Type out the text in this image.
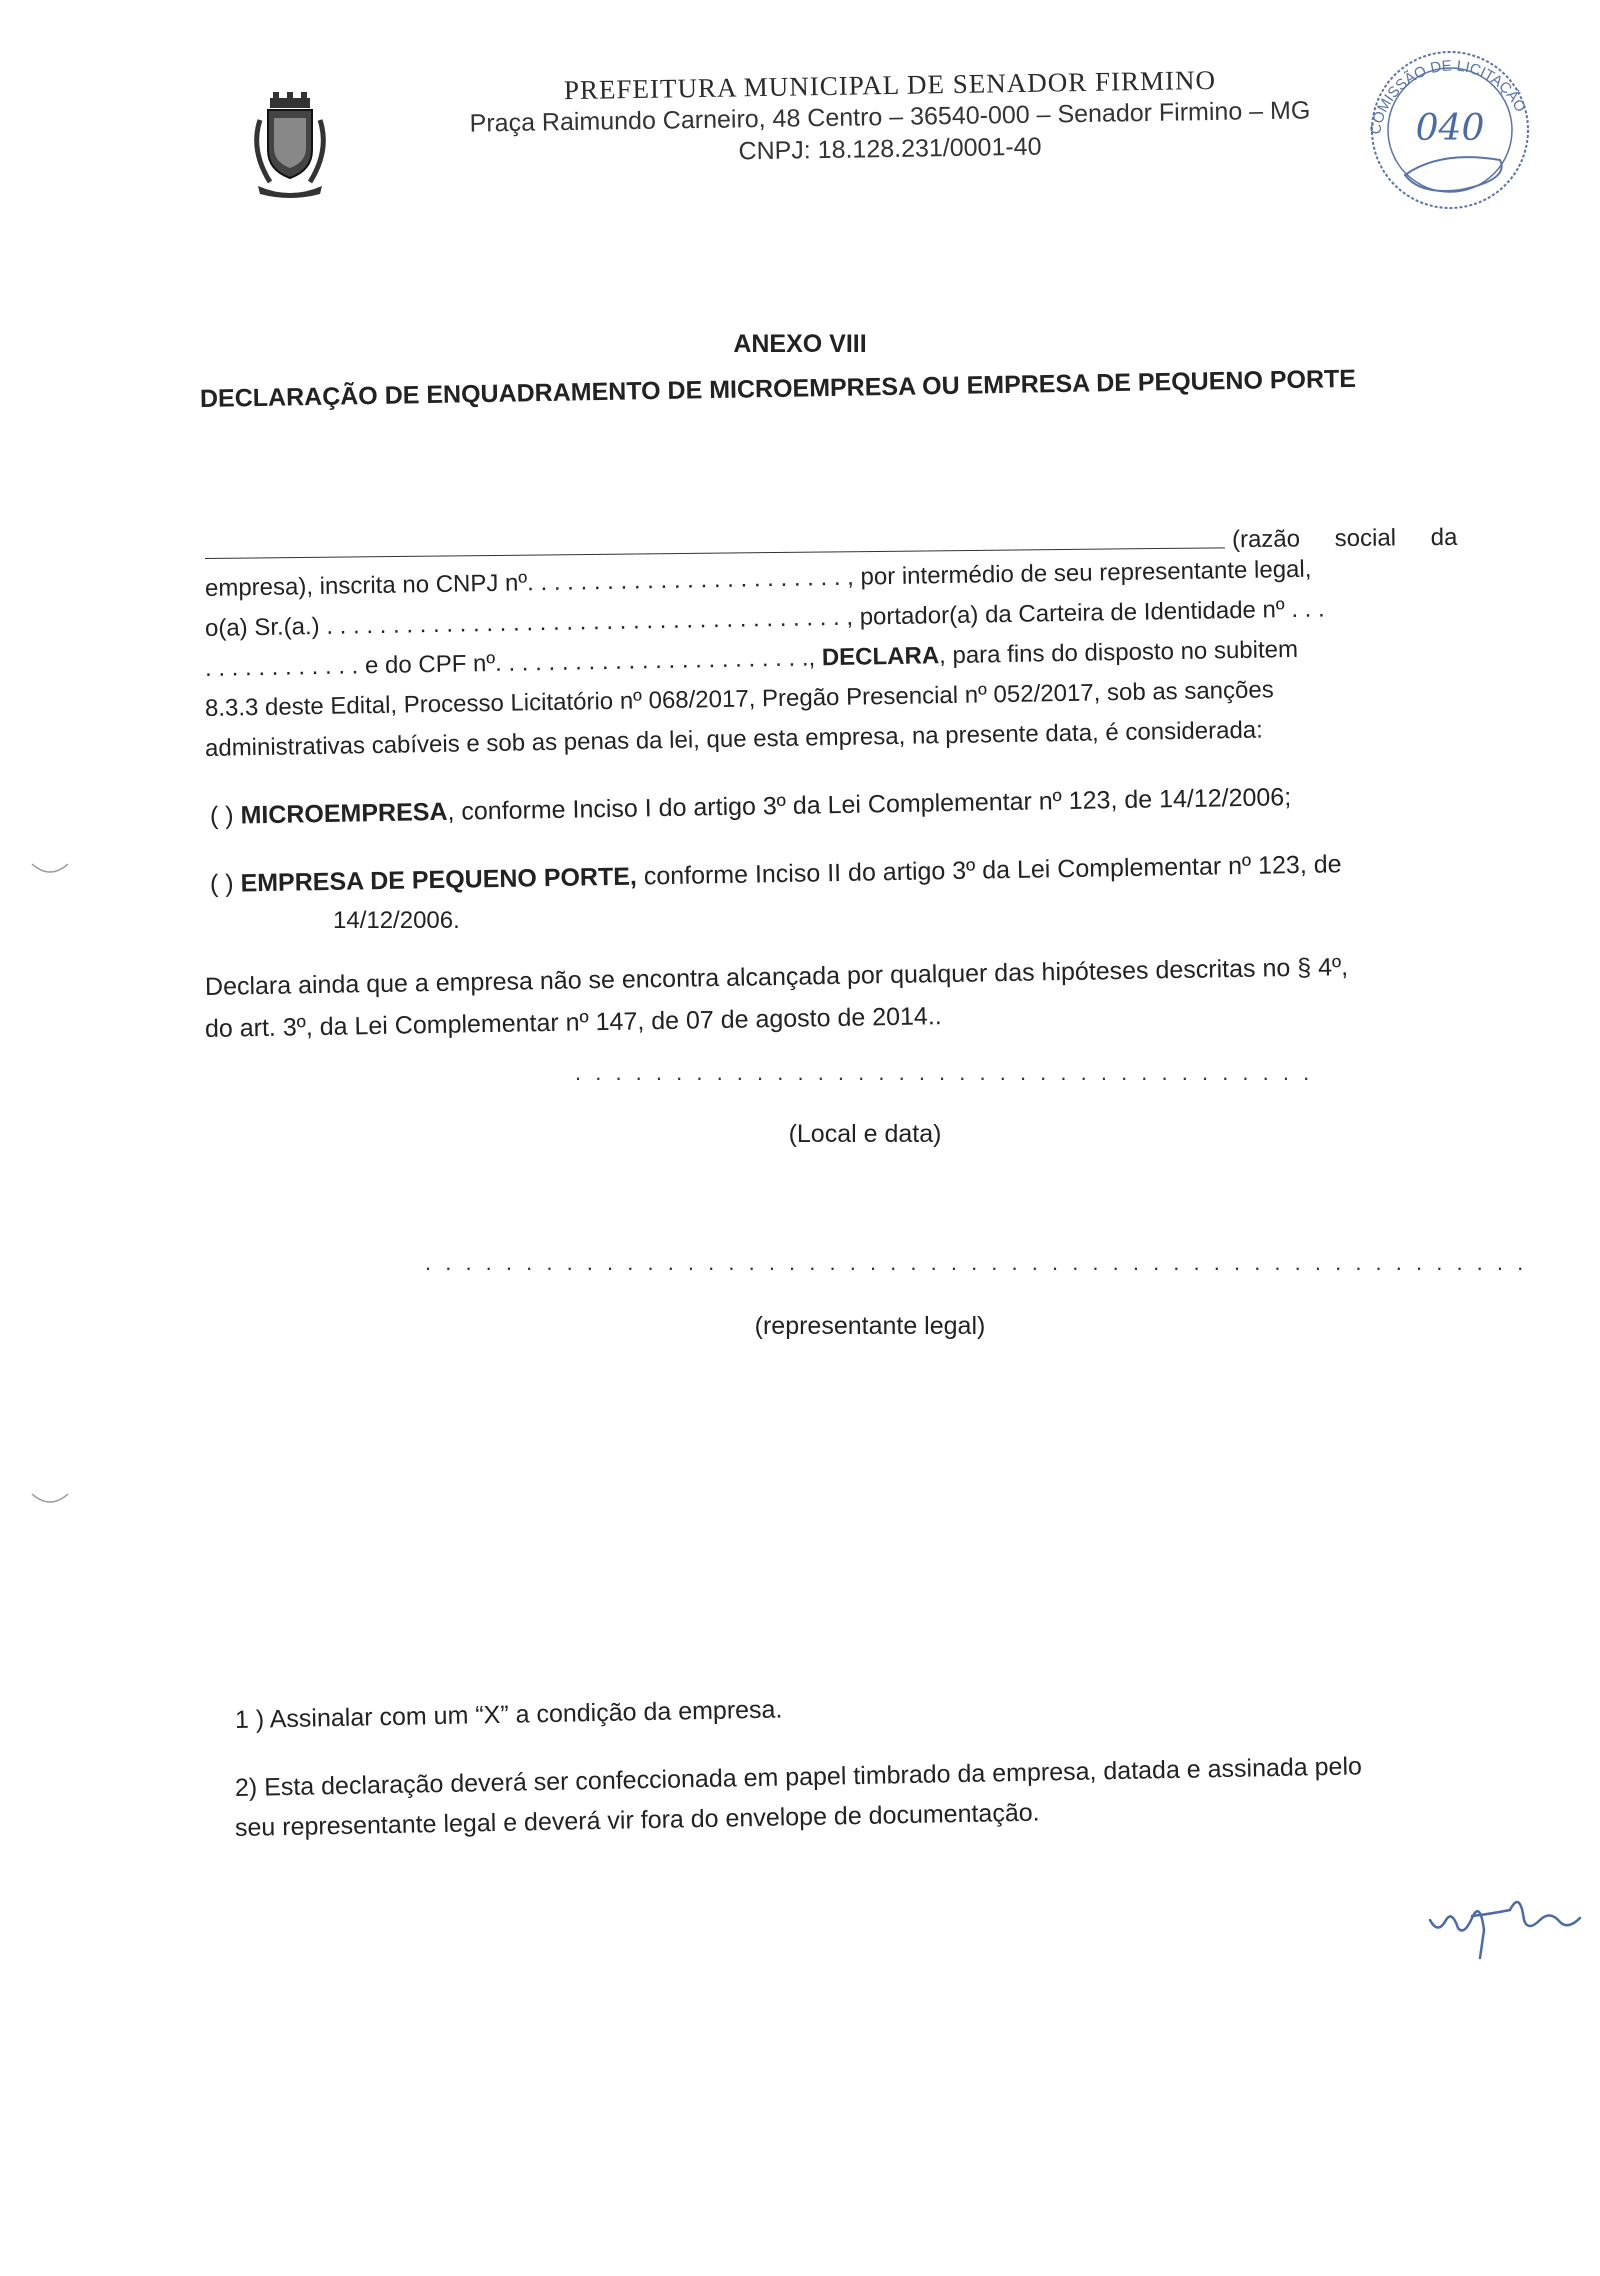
PREFEITURA MUNICIPAL DE SENADOR FIRMINO
Praça Raimundo Carneiro, 48 Centro – 36540-000 – Senador Firmino – MG
CNPJ: 18.128.231/0001-40
COMISSÃO DE LICITAÇÃO
040
ANEXO VIII
DECLARAÇÃO DE ENQUADRAMENTO DE MICROEMPRESA OU EMPRESA DE PEQUENO PORTE
(razão social da
empresa), inscrita no CNPJ nº. . . . . . . . . . . . . . . . . . . . . . . . , por intermédio de seu representante legal,
o(a) Sr.(a.) . . . . . . . . . . . . . . . . . . . . . . . . . . . . . . . . . . . . . . . , portador(a) da Carteira de Identidade nº . . .
. . . . . . . . . . . . e do CPF nº. . . . . . . . . . . . . . . . . . . . . . . ., DECLARA, para fins do disposto no subitem
8.3.3 deste Edital, Processo Licitatório nº 068/2017, Pregão Presencial nº 052/2017, sob as sanções
administrativas cabíveis e sob as penas da lei, que esta empresa, na presente data, é considerada:
( ) MICROEMPRESA, conforme Inciso I do artigo 3º da Lei Complementar nº 123, de 14/12/2006;
( ) EMPRESA DE PEQUENO PORTE, conforme Inciso II do artigo 3º da Lei Complementar nº 123, de
14/12/2006.
Declara ainda que a empresa não se encontra alcançada por qualquer das hipóteses descritas no § 4º,
do art. 3º, da Lei Complementar nº 147, de 07 de agosto de 2014..
. . . . . . . . . . . . . . . . . . . . . . . . . . . . . . . . . . . . .
(Local e data)
. . . . . . . . . . . . . . . . . . . . . . . . . . . . . . . . . . . . . . . . . . . . . . . . . . . . . . .
(representante legal)
1 ) Assinalar com um “X” a condição da empresa.
2) Esta declaração deverá ser confeccionada em papel timbrado da empresa, datada e assinada pelo
seu representante legal e deverá vir fora do envelope de documentação.
